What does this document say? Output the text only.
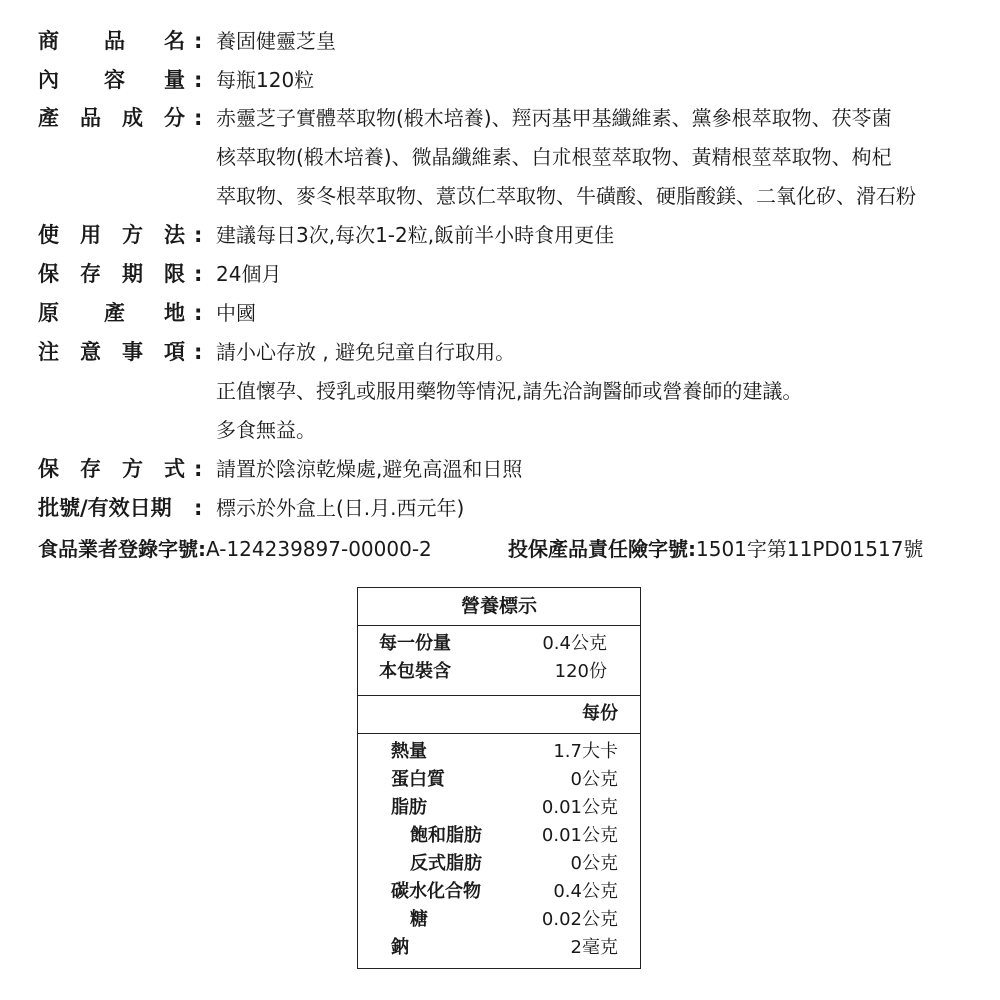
商 品 名 : 養固健靈芝皇
內 容 量 : 每瓶120粒
產 品 成 分 : 赤靈芝子實體萃取物(椴木培養)、羥丙基甲基纖維素、黨參根萃取物、茯苓菌
核萃取物(椴木培養)、微晶纖維素、白朮根莖萃取物、黃精根莖萃取物、枸杞
萃取物、麥冬根萃取物、薏苡仁萃取物、牛磺酸、硬脂酸鎂、二氧化矽、滑石粉
使 用 方 法 : 建議每日3次,每次1-2粒,飯前半小時食用更佳
保 存 期 限 : 24個月
原 產 地 : 中國
注 意 事 項 : 請小心存放 , 避免兒童自行取用。
正值懷孕、授乳或服用藥物等情況,請先洽詢醫師或營養師的建議。
多食無益。
保 存 方 式 : 請置於陰涼乾燥處,避免高溫和日照
批號/有效日期 : 標示於外盒上(日.月.西元年)
食品業者登錄字號:A-124239897-00000-2	投保產品責任險字號:1501字第11PD01517號
營養標示
每一份量	0.4公克
本包裝含	120份
每份
熱量	1.7大卡
蛋白質	0公克
脂肪	0.01公克
飽和脂肪	0.01公克
反式脂肪	0公克
碳水化合物	0.4公克
糖	0.02公克
鈉	2毫克
